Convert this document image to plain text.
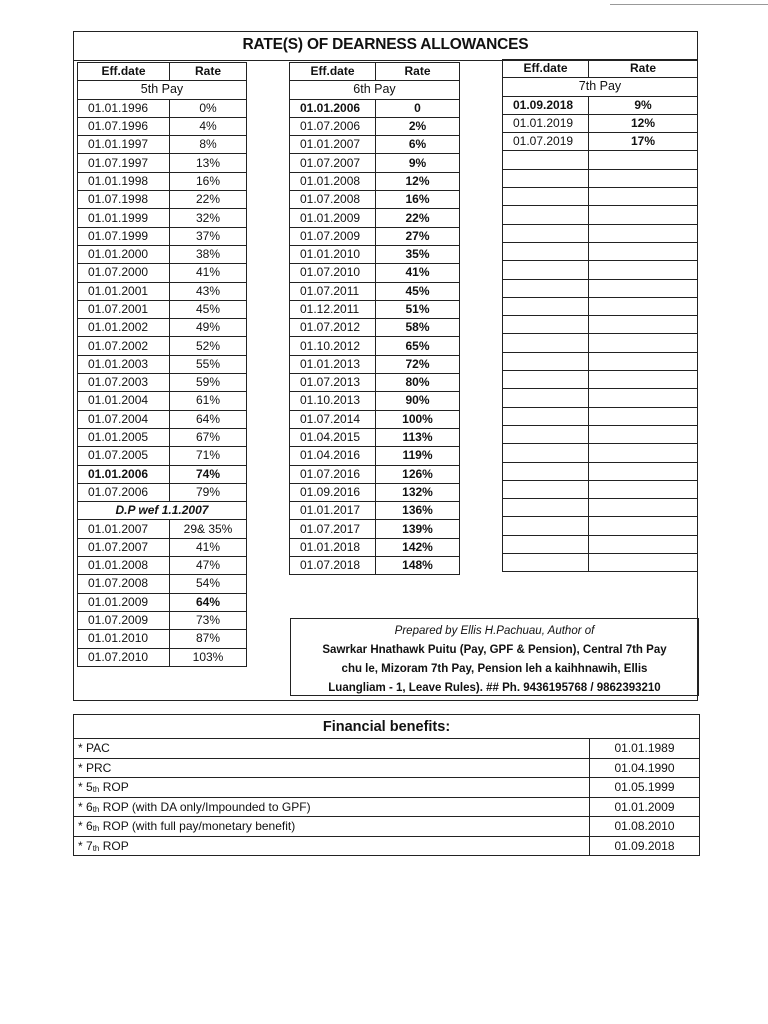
RATE(S) OF DEARNESS ALLOWANCES
Eff.date	Rate
5th Pay	
01.01.1996	0%
01.07.1996	4%
01.01.1997	8%
01.07.1997	13%
01.01.1998	16%
01.07.1998	22%
01.01.1999	32%
01.07.1999	37%
01.01.2000	38%
01.07.2000	41%
01.01.2001	43%
01.07.2001	45%
01.01.2002	49%
01.07.2002	52%
01.01.2003	55%
01.07.2003	59%
01.01.2004	61%
01.07.2004	64%
01.01.2005	67%
01.07.2005	71%
01.01.2006	74%
01.07.2006	79%
D.P wef 1.1.2007	
01.01.2007	29& 35%
01.07.2007	41%
01.01.2008	47%
01.07.2008	54%
01.01.2009	64%
01.07.2009	73%
01.01.2010	87%
01.07.2010	103%
Eff.date	Rate
6th Pay	
01.01.2006	0
01.07.2006	2%
01.01.2007	6%
01.07.2007	9%
01.01.2008	12%
01.07.2008	16%
01.01.2009	22%
01.07.2009	27%
01.01.2010	35%
01.07.2010	41%
01.07.2011	45%
01.12.2011	51%
01.07.2012	58%
01.10.2012	65%
01.01.2013	72%
01.07.2013	80%
01.10.2013	90%
01.07.2014	100%
01.04.2015	113%
01.04.2016	119%
01.07.2016	126%
01.09.2016	132%
01.01.2017	136%
01.07.2017	139%
01.01.2018	142%
01.07.2018	148%
Eff.date	Rate
7th Pay	
01.09.2018	9%
01.01.2019	12%
01.07.2019	17%

Prepared by Ellis H.Pachuau, Author of
Sawrkar Hnathawk Puitu (Pay, GPF & Pension), Central 7th Pay
chu le, Mizoram 7th Pay, Pension leh a kaihhnawih, Ellis
Luangliam - 1, Leave Rules). ## Ph. 9436195768 / 9862393210
Financial benefits:	
* PAC	01.01.1989
* PRC	01.04.1990
* $5_{th}$ ROP	01.05.1999
* $6_{th}$ ROP (with DA only/Impounded to GPF)	01.01.2009
* $6_{th}$ ROP (with full pay/monetary benefit)	01.08.2010
* $7_{th}$ ROP	01.09.2018
